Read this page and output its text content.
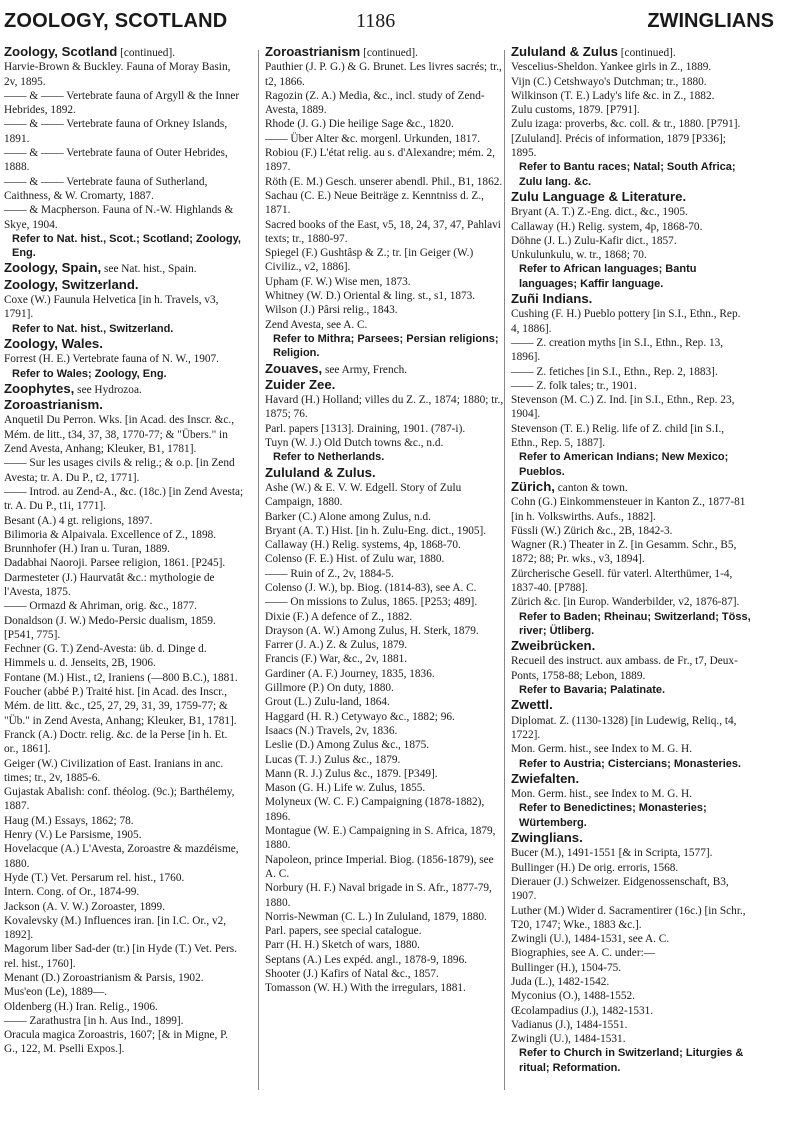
ZOOLOGY, SCOTLAND	1186	ZWINGLIANS
Zoology, Scotland [continued].
Harvie-Brown & Buckley. Fauna of Moray Basin, 2v, 1895.
—— & —— Vertebrate fauna of Argyll & the Inner Hebrides, 1892.
—— & —— Vertebrate fauna of Orkney Islands, 1891.
—— & —— Vertebrate fauna of Outer Hebrides, 1888.
—— & —— Vertebrate fauna of Sutherland, Caithness, & W. Cromarty, 1887.
—— & Macpherson. Fauna of N.-W. Highlands & Skye, 1904.
Refer to Nat. hist., Scot.; Scotland; Zoology, Eng.
Zoology, Spain, see Nat. hist., Spain.
Zoology, Switzerland.
Coxe (W.) Faunula Helvetica [in h. Travels, v3, 1791].
Refer to Nat. hist., Switzerland.
Zoology, Wales.
Forrest (H. E.) Vertebrate fauna of N. W., 1907.
Refer to Wales; Zoology, Eng.
Zoophytes, see Hydrozoa.
Zoroastrianism.
Anquetil Du Perron. Wks. [in Acad. des Inscr. &c., Mém. de litt., t34, 37, 38, 1770-77; & "Übers." in Zend Avesta, Anhang; Kleuker, B1, 1781].
—— Sur les usages civils & relig.; & o.p. [in Zend Avesta; tr. A. Du P., t2, 1771].
—— Introd. au Zend-A., &c. (18c.) [in Zend Avesta; tr. A. Du P., t1i, 1771].
Besant (A.) 4 gt. religions, 1897.
Bilimoria & Alpaivala. Excellence of Z., 1898.
Brunnhofer (H.) Iran u. Turan, 1889.
Dadabhai Naoroji. Parsee religion, 1861. [P245].
Darmesteter (J.) Haurvatât &c.: mythologie de l'Avesta, 1875.
—— Ormazd & Ahriman, orig. &c., 1877.
Donaldson (J. W.) Medo-Persic dualism, 1859. [P541, 775].
Fechner (G. T.) Zend-Avesta: üb. d. Dinge d. Himmels u. d. Jenseits, 2B, 1906.
Fontane (M.) Hist., t2, Iraniens (—800 B.C.), 1881.
Foucher (abbé P.) Traité hist. [in Acad. des Inscr., Mém. de litt. &c., t25, 27, 29, 31, 39, 1759-77; & "Üb." in Zend Avesta, Anhang; Kleuker, B1, 1781].
Franck (A.) Doctr. relig. &c. de la Perse [in h. Et. or., 1861].
Geiger (W.) Civilization of East. Iranians in anc. times; tr., 2v, 1885-6.
Gujastak Abalish: conf. théolog. (9c.); Barthélemy, 1887.
Haug (M.) Essays, 1862; 78.
Henry (V.) Le Parsisme, 1905.
Hovelacque (A.) L'Avesta, Zoroastre & mazdéisme, 1880.
Hyde (T.) Vet. Persarum rel. hist., 1760.
Intern. Cong. of Or., 1874-99.
Jackson (A. V. W.) Zoroaster, 1899.
Kovalevsky (M.) Influences iran. [in I.C. Or., v2, 1892].
Magorum liber Sad-der (tr.) [in Hyde (T.) Vet. Pers. rel. hist., 1760].
Menant (D.) Zoroastrianism & Parsis, 1902.
Mus'eon (Le), 1889—.
Oldenberg (H.) Iran. Relig., 1906.
—— Zarathustra [in h. Aus Ind., 1899].
Oracula magica Zoroastris, 1607; [& in Migne, P. G., 122, M. Pselli Expos.].
Zoroastrianism [continued].
Pauthier (J. P. G.) & G. Brunet. Les livres sacrés; tr., t2, 1866.
Ragozin (Z. A.) Media, &c., incl. study of Zend-Avesta, 1889.
Rhode (J. G.) Die heilige Sage &c., 1820.
—— Über Alter &c. morgenl. Urkunden, 1817.
Robiou (F.) L'état relig. au s. d'Alexandre; mém. 2, 1897.
Röth (E. M.) Gesch. unserer abendl. Phil., B1, 1862.
Sachau (C. E.) Neue Beiträge z. Kenntniss d. Z., 1871.
Sacred books of the East, v5, 18, 24, 37, 47, Pahlavi texts; tr., 1880-97.
Spiegel (F.) Gushtâsp & Z.; tr. [in Geiger (W.) Civiliz., v2, 1886].
Upham (F. W.) Wise men, 1873.
Whitney (W. D.) Oriental & ling. st., s1, 1873.
Wilson (J.) Pârsi relig., 1843.
Zend Avesta, see A. C.
Refer to Mithra; Parsees; Persian religions; Religion.
Zouaves, see Army, French.
Zuider Zee.
Havard (H.) Holland; villes du Z. Z., 1874; 1880; tr., 1875; 76.
Parl. papers [1313]. Draining, 1901. (787-i).
Tuyn (W. J.) Old Dutch towns &c., n.d.
Refer to Netherlands.
Zululand & Zulus.
Ashe (W.) & E. V. W. Edgell. Story of Zulu Campaign, 1880.
Barker (C.) Alone among Zulus, n.d.
Bryant (A. T.) Hist. [in h. Zulu-Eng. dict., 1905].
Callaway (H.) Relig. systems, 4p, 1868-70.
Colenso (F. E.) Hist. of Zulu war, 1880.
—— Ruin of Z., 2v, 1884-5.
Colenso (J. W.), bp. Biog. (1814-83), see A. C.
—— On missions to Zulus, 1865. [P253; 489].
Dixie (F.) A defence of Z., 1882.
Drayson (A. W.) Among Zulus, H. Sterk, 1879.
Farrer (J. A.) Z. & Zulus, 1879.
Francis (F.) War, &c., 2v, 1881.
Gardiner (A. F.) Journey, 1835, 1836.
Gillmore (P.) On duty, 1880.
Grout (L.) Zulu-land, 1864.
Haggard (H. R.) Cetywayo &c., 1882; 96.
Isaacs (N.) Travels, 2v, 1836.
Leslie (D.) Among Zulus &c., 1875.
Lucas (T. J.) Zulus &c., 1879.
Mann (R. J.) Zulus &c., 1879. [P349].
Mason (G. H.) Life w. Zulus, 1855.
Molyneux (W. C. F.) Campaigning (1878-1882), 1896.
Montague (W. E.) Campaigning in S. Africa, 1879, 1880.
Napoleon, prince Imperial. Biog. (1856-1879), see A. C.
Norbury (H. F.) Naval brigade in S. Afr., 1877-79, 1880.
Norris-Newman (C. L.) In Zululand, 1879, 1880.
Parl. papers, see special catalogue.
Parr (H. H.) Sketch of wars, 1880.
Septans (A.) Les expéd. angl., 1878-9, 1896.
Shooter (J.) Kafirs of Natal &c., 1857.
Tomasson (W. H.) With the irregulars, 1881.
Zululand & Zulus [continued].
Vescelius-Sheldon. Yankee girls in Z., 1889.
Vijn (C.) Cetshwayo's Dutchman; tr., 1880.
Wilkinson (T. E.) Lady's life &c. in Z., 1882.
Zulu customs, 1879. [P791].
Zulu izaga: proverbs, &c. coll. & tr., 1880. [P791].
[Zululand]. Précis of information, 1879 [P336]; 1895.
Refer to Bantu races; Natal; South Africa; Zulu lang. &c.
Zulu Language & Literature.
Bryant (A. T.) Z.-Eng. dict., &c., 1905.
Callaway (H.) Relig. system, 4p, 1868-70.
Döhne (J. L.) Zulu-Kafir dict., 1857.
Unkulunkulu, w. tr., 1868; 70.
Refer to African languages; Bantu languages; Kaffir language.
Zuñi Indians.
Cushing (F. H.) Pueblo pottery [in S.I., Ethn., Rep. 4, 1886].
—— Z. creation myths [in S.I., Ethn., Rep. 13, 1896].
—— Z. fetiches [in S.I., Ethn., Rep. 2, 1883].
—— Z. folk tales; tr., 1901.
Stevenson (M. C.) Z. Ind. [in S.I., Ethn., Rep. 23, 1904].
Stevenson (T. E.) Relig. life of Z. child [in S.I., Ethn., Rep. 5, 1887].
Refer to American Indians; New Mexico; Pueblos.
Zürich, canton & town.
Cohn (G.) Einkommensteuer in Kanton Z., 1877-81 [in h. Volkswirths. Aufs., 1882].
Füssli (W.) Zürich &c., 2B, 1842-3.
Wagner (R.) Theater in Z. [in Gesamm. Schr., B5, 1872; 88; Pr. wks., v3, 1894].
Zürcherische Gesell. für vaterl. Alterthümer, 1-4, 1837-40. [P788].
Zürich &c. [in Europ. Wanderbilder, v2, 1876-87].
Refer to Baden; Rheinau; Switzerland; Töss, river; Ütliberg.
Zweibrücken.
Recueil des instruct. aux ambass. de Fr., t7, Deux-Ponts, 1758-88; Lebon, 1889.
Refer to Bavaria; Palatinate.
Zwettl.
Diplomat. Z. (1130-1328) [in Ludewig, Reliq., t4, 1722].
Mon. Germ. hist., see Index to M. G. H.
Refer to Austria; Cistercians; Monasteries.
Zwiefalten.
Mon. Germ. hist., see Index to M. G. H.
Refer to Benedictines; Monasteries; Würtemberg.
Zwinglians.
Bucer (M.), 1491-1551 [& in Scripta, 1577].
Bullinger (H.) De orig. erroris, 1568.
Dierauer (J.) Schweizer. Eidgenossenschaft, B3, 1907.
Luther (M.) Wider d. Sacramentirer (16c.) [in Schr., T20, 1747; Wke., 1883 &c.].
Zwingli (U.), 1484-1531, see A. C.
Biographies, see A. C. under:—
Bullinger (H.), 1504-75.
Juda (L.), 1482-1542.
Myconius (O.), 1488-1552.
Œcolampadius (J.), 1482-1531.
Vadianus (J.), 1484-1551.
Zwingli (U.), 1484-1531.
Refer to Church in Switzerland; Liturgies & ritual; Reformation.
